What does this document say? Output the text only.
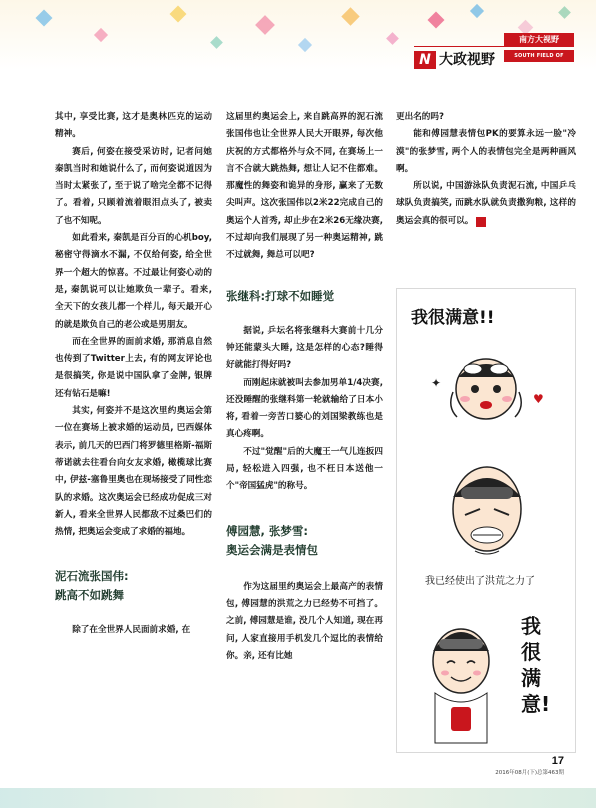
南方大视野
N 大政视野	SOUTH FIELD OF VISION

其中, 享受比赛, 这才是奥林匹克的运动精神。

赛后, 何姿在接受采访时, 记者问她秦凯当时和她说什么了, 而何姿说道因为当时太紧张了, 至于说了啥完全都不记得了。看着, 只顾着流着眼泪点头了, 被卖了也不知呢。

如此看来, 秦凯是百分百的心机boy,秘密守得滴水不漏, 不仅给何姿, 给全世界一个超大的惊喜。不过最让何姿心动的是, 秦凯说可以让她欺负一辈子。看来, 全天下的女孩儿都一个样儿, 每天最开心的就是欺负自己的老公或是男朋友。

而在全世界的面前求婚, 那消息自然也传到了Twitter上去, 有的网友评论也是很搞笑, 你是说中国队拿了金牌, 银牌还有钻石是嘛!

其实, 何姿并不是这次里约奥运会第一位在赛场上被求婚的运动员, 巴西媒体表示, 前几天的巴西门将罗德里格斯-福斯蒂诺就去往看台向女友求婚, 橄榄球比赛中, 伊兹-塞鲁里奥也在现场接受了同性恋队的求婚。这次奥运会已经成功促成三对新人, 看来全世界人民都敌不过桑巴们的热情, 把奥运会变成了求婚的福地。

泥石流张国伟:
跳高不如跳舞

除了在全世界人民面前求婚, 在

这届里约奥运会上, 来自跳高界的泥石流张国伟也让全世界人民大开眼界, 每次他庆祝的方式都格外与众不同, 在赛场上一言不合就大跳热舞, 想让人记不住都难。那魔性的舞姿和诡异的身形, 赢来了无数尖叫声。这次张国伟以2米22完成自己的奥运个人首秀, 却止步在2米26无缘决赛, 不过却向我们展现了另一种奥运精神, 跳不过就舞, 舞总可以吧?

张继科:打球不如睡觉

据说, 乒坛名将张继科大赛前十几分钟还能蒙头大睡, 这是怎样的心态?睡得好就能打得好吗?

而刚起床就被叫去参加男单1/4决赛, 还没睡醒的张继科第一轮就输给了日本小将, 看着一旁苦口婆心的刘国梁教练也是真心疼啊。

不过"觉醒"后的大魔王一气儿连扳四局, 轻松进入四强, 也不枉日本送他一个"帝国猛虎"的称号。

傅园慧, 张梦雪:
奥运会满是表情包

作为这届里约奥运会上最高产的表情包, 傅园慧的洪荒之力已经势不可挡了。之前, 傅园慧是谁, 没几个人知道, 现在再问, 人家直接用手机发几个逗比的表情给你。亲, 还有比她

更出名的吗?

能和傅园慧表情包PK的要算永远一脸"冷漠"的张梦雪, 两个人的表情包完全是两种画风啊。

所以说, 中国游泳队负责泥石流, 中国乒乓球队负责搞笑, 而跳水队就负责撒狗粮, 这样的奥运会真的很可以。	N

我很满意!!
✦
♥
我已经使出了洪荒之力了
我很满意!
17
2016年08月(下)总第463期
